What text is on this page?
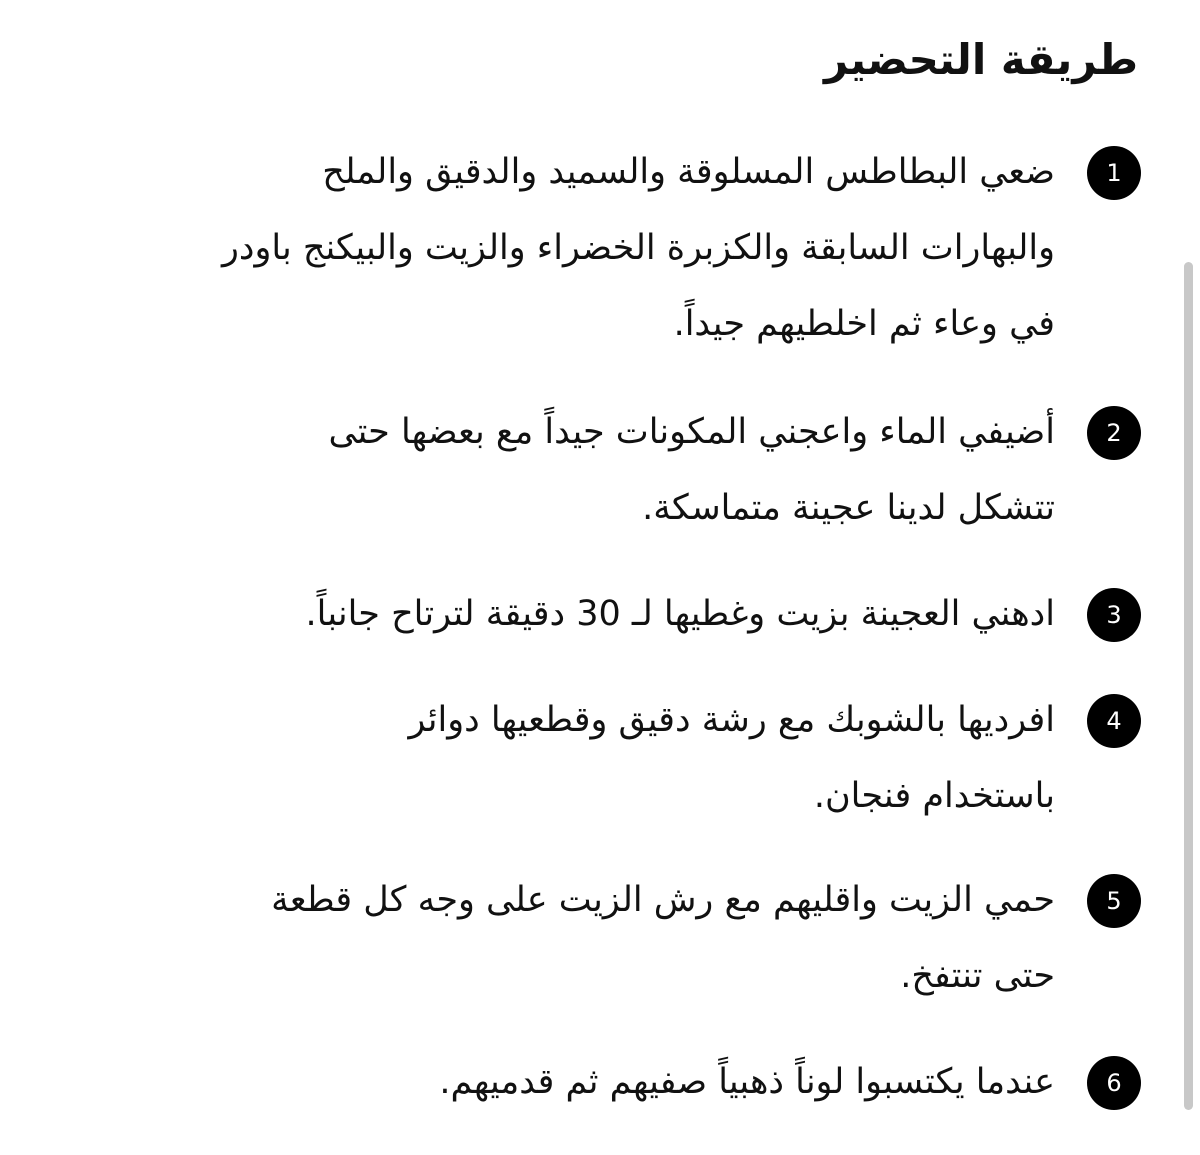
طريقة التحضير
1

ضعي البطاطس المسلوقة والسميد والدقيق والملح
والبهارات السابقة والكزبرة الخضراء والزيت والبيكنج باودر
في وعاء ثم اخلطيهم جيداً.

2

أضيفي الماء واعجني المكونات جيداً مع بعضها حتى
تتشكل لدينا عجينة متماسكة.

3

ادهني العجينة بزيت وغطيها لـ 30 دقيقة لترتاح جانباً.

4

افرديها بالشوبك مع رشة دقيق وقطعيها دوائر
باستخدام فنجان.

5

حمي الزيت واقليهم مع رش الزيت على وجه كل قطعة
حتى تنتفخ.

6

عندما يكتسبوا لوناً ذهبياً صفيهم ثم قدميهم.
